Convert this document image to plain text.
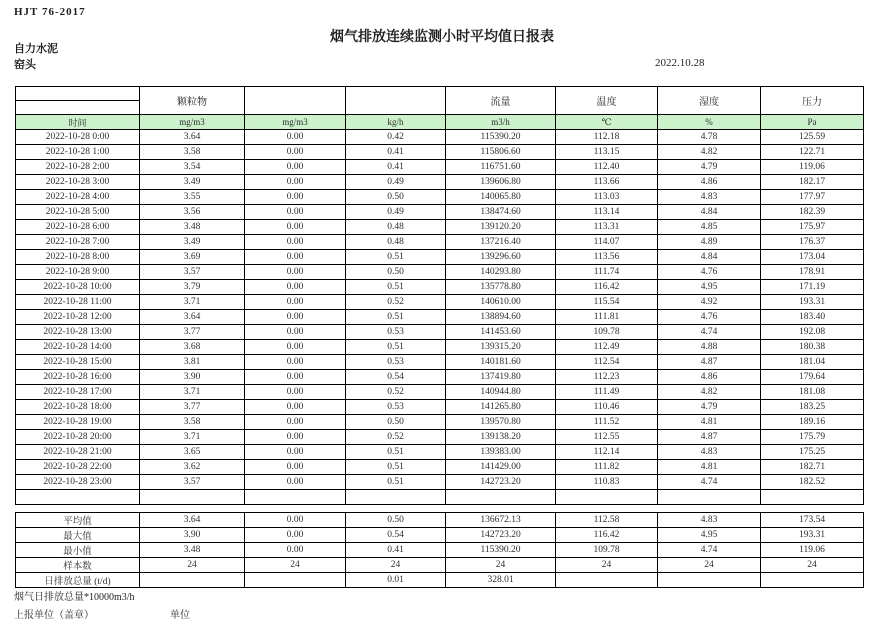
HJT 76-2017
烟气排放连续监测小时平均值日报表
自力水泥
窑头	2022.10.28
	颗粒物			流量	温度	湿度	压力
时间	mg/m3	mg/m3	kg/h	m3/h	℃	%	Pa
2022-10-28 0:00	3.64	0.00	0.42	115390.20	112.18	4.78	125.59
2022-10-28 1:00	3.58	0.00	0.41	115806.60	113.15	4.82	122.71
2022-10-28 2:00	3.54	0.00	0.41	116751.60	112.40	4.79	119.06
2022-10-28 3:00	3.49	0.00	0.49	139606.80	113.66	4.86	182.17
2022-10-28 4:00	3.55	0.00	0.50	140065.80	113.03	4.83	177.97
2022-10-28 5:00	3.56	0.00	0.49	138474.60	113.14	4.84	182.39
2022-10-28 6:00	3.48	0.00	0.48	139120.20	113.31	4.85	175.97
2022-10-28 7:00	3.49	0.00	0.48	137216.40	114.07	4.89	176.37
2022-10-28 8:00	3.69	0.00	0.51	139296.60	113.56	4.84	173.04
2022-10-28 9:00	3.57	0.00	0.50	140293.80	111.74	4.76	178.91
2022-10-28 10:00	3.79	0.00	0.51	135778.80	116.42	4.95	171.19
2022-10-28 11:00	3.71	0.00	0.52	140610.00	115.54	4.92	193.31
2022-10-28 12:00	3.64	0.00	0.51	138894.60	111.81	4.76	183.40
2022-10-28 13:00	3.77	0.00	0.53	141453.60	109.78	4.74	192.08
2022-10-28 14:00	3.68	0.00	0.51	139315.20	112.49	4.88	180.38
2022-10-28 15:00	3.81	0.00	0.53	140181.60	112.54	4.87	181.04
2022-10-28 16:00	3.90	0.00	0.54	137419.80	112.23	4.86	179.64
2022-10-28 17:00	3.71	0.00	0.52	140944.80	111.49	4.82	181.08
2022-10-28 18:00	3.77	0.00	0.53	141265.80	110.46	4.79	183.25
2022-10-28 19:00	3.58	0.00	0.50	139570.80	111.52	4.81	189.16
2022-10-28 20:00	3.71	0.00	0.52	139138.20	112.55	4.87	175.79
2022-10-28 21:00	3.65	0.00	0.51	139383.00	112.14	4.83	175.25
2022-10-28 22:00	3.62	0.00	0.51	141429.00	111.82	4.81	182.71
2022-10-28 23:00	3.57	0.00	0.51	142723.20	110.83	4.74	182.52

平均值	3.64	0.00	0.50	136672.13	112.58	4.83	173.54
最大值	3.90	0.00	0.54	142723.20	116.42	4.95	193.31
最小值	3.48	0.00	0.41	115390.20	109.78	4.74	119.06
样本数	24	24	24	24	24	24	24
日排放总量 (t/d)			0.01	328.01			
烟气日排放总量*10000m3/h
上报单位（盖章）	单位
